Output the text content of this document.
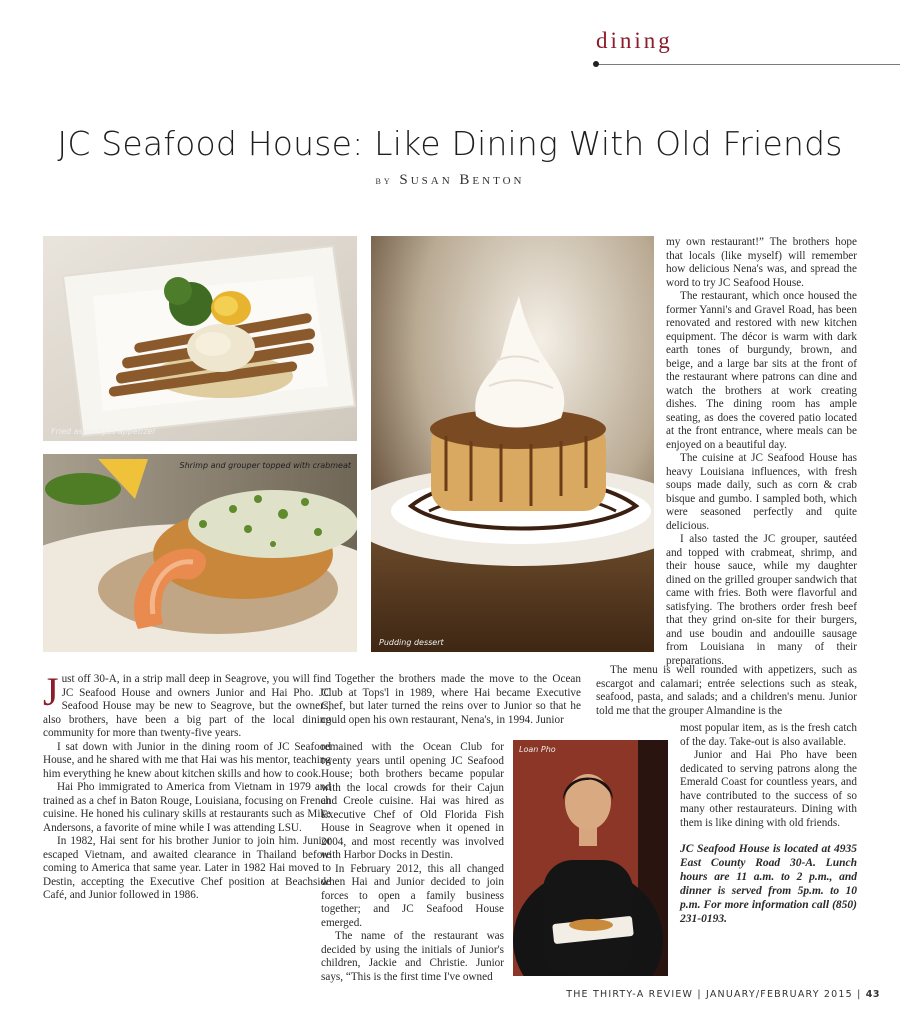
dining
JC Seafood House: Like Dining With Old Friends
by Susan Benton
Fried asparagus appetizer
Shrimp and grouper topped with crabmeat
Pudding dessert
Loan Pho

Just off 30-A, in a strip mall deep in Seagrove, you will find JC Seafood House and owners Junior and Hai Pho. JC Seafood House may be new to Seagrove, but the owners, also brothers, have been a big part of the local dining community for more than twenty-five years.

I sat down with Junior in the dining room of JC Seafood House, and he shared with me that Hai was his mentor, teaching him everything he knew about kitchen skills and how to cook.

Hai Pho immigrated to America from Vietnam in 1979 and trained as a chef in Baton Rouge, Louisiana, focusing on French cuisine. He honed his culinary skills at restaurants such as Mike Andersons, a favorite of mine while I was attending LSU.

In 1982, Hai sent for his brother Junior to join him. Junior escaped Vietnam, and awaited clearance in Thailand before coming to America that same year. Later in 1982 Hai moved to Destin, accepting the Executive Chef position at Beachside Café, and Junior followed in 1986.

Together the brothers made the move to the Ocean Club at Tops'l in 1989, where Hai became Executive Chef, but later turned the reins over to Junior so that he could open his own restaurant, Nena's, in 1994. Junior

remained with the Ocean Club for twenty years until opening JC Seafood House; both brothers became popular with the local crowds for their Cajun and Creole cuisine. Hai was hired as Executive Chef of Old Florida Fish House in Seagrove when it opened in 2004, and most recently was involved with Harbor Docks in Destin.

In February 2012, this all changed when Hai and Junior decided to join forces to open a family business together; and JC Seafood House emerged.

The name of the restaurant was decided by using the initials of Junior's children, Jackie and Christie. Junior says, “This is the first time I've owned

my own restaurant!” The brothers hope that locals (like myself) will remember how delicious Nena's was, and spread the word to try JC Seafood House.

The restaurant, which once housed the former Yanni's and Gravel Road, has been renovated and restored with new kitchen equipment. The décor is warm with dark earth tones of burgundy, brown, and beige, and a large bar sits at the front of the restaurant where patrons can dine and watch the brothers at work creating dishes. The dining room has ample seating, as does the covered patio located at the front entrance, where meals can be enjoyed on a beautiful day.

The cuisine at JC Seafood House has heavy Louisiana influences, with fresh soups made daily, such as corn & crab bisque and gumbo. I sampled both, which were seasoned perfectly and quite delicious.

I also tasted the JC grouper, sautéed and topped with crabmeat, shrimp, and their house sauce, while my daughter dined on the grilled grouper sandwich that came with fries. Both were flavorful and satisfying. The brothers order fresh beef that they grind on-site for their burgers, and use boudin and andouille sausage from Louisiana in many of their preparations.

The menu is well rounded with appetizers, such as escargot and calamari; entrée selections such as steak, seafood, pasta, and salads; and a children's menu. Junior told me that the grouper Almandine is the

most popular item, as is the fresh catch of the day. Take-out is also available.

Junior and Hai Pho have been dedicated to serving patrons along the Emerald Coast for countless years, and have contributed to the success of so many other restaurateurs. Dining with them is like dining with old friends.

JC Seafood House is located at 4935 East County Road 30-A. Lunch hours are 11 a.m. to 2 p.m., and dinner is served from 5p.m. to 10 p.m. For more information call (850) 231-0193.

THE THIRTY-A REVIEW | JANUARY/FEBRUARY 2015 | 43
